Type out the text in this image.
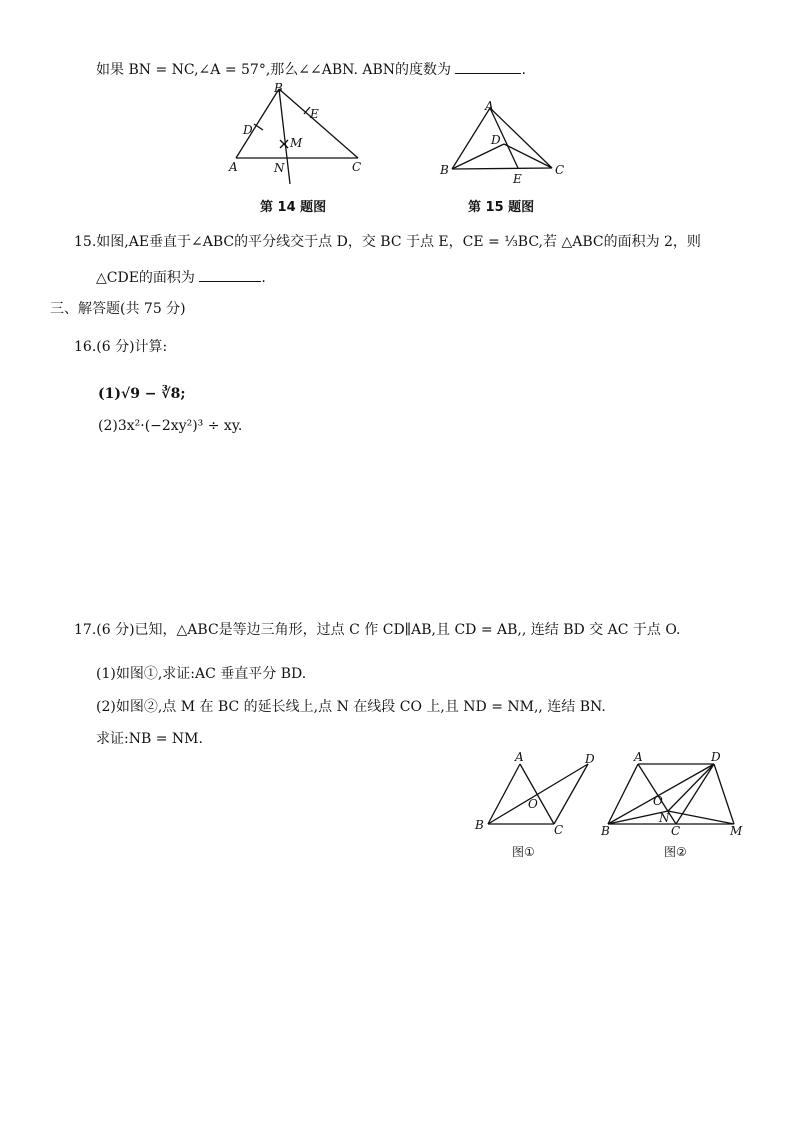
如果 BN = NC,∠A = 57°,那么∠∠ABN. ABN的度数为	.
B
D
E
M
A	N	C
第 14 题图
A
D
B	C
E
第 15 题图
15.如图,AE垂直于∠ABC的平分线交于点 D，交 BC 于点 E，CE = ⅓BC,若 △ABC的面积为 2，则
△CDE的面积为	.
三、解答题(共 75 分)
16.(6 分)计算:
(1)√9 − ∛8;
(2)3x²·(−2xy²)³ ÷ xy.
17.(6 分)已知，△ABC是等边三角形，过点 C 作 CD∥AB,且 CD = AB,, 连结 BD 交 AC 于点 O.
(1)如图①,求证:AC 垂直平分 BD.
(2)如图②,点 M 在 BC 的延长线上,点 N 在线段 CO 上,且 ND = NM,, 连结 BN.
求证:NB = NM.
A	D
O
B	C
图①
A	D
O
N
B	C	M
图②
